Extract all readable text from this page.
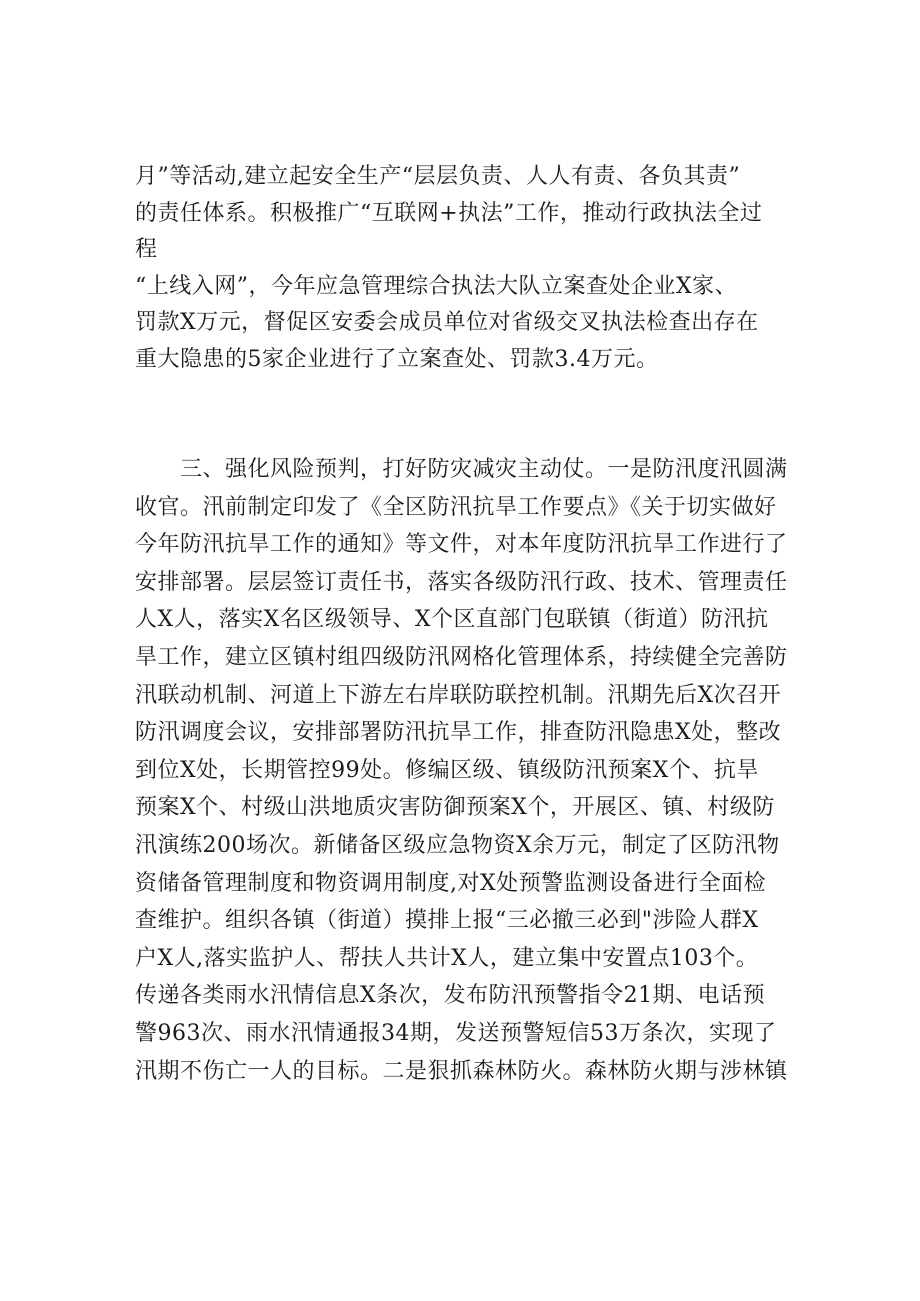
月”等活动,建立起安全生产“层层负责、人人有责、各负其责”
的责任体系。积极推广“互联网+执法”工作，推动行政执法全过
程
“上线入网”，今年应急管理综合执法大队立案查处企业X家、
罚款X万元，督促区安委会成员单位对省级交叉执法检查出存在
重大隐患的5家企业进行了立案查处、罚款3.4万元。
　　三、强化风险预判，打好防灾减灾主动仗。一是防汛度汛圆满
收官。汛前制定印发了《全区防汛抗旱工作要点》《关于切实做好
今年防汛抗旱工作的通知》等文件，对本年度防汛抗旱工作进行了
安排部署。层层签订责任书，落实各级防汛行政、技术、管理责任
人X人，落实X名区级领导、X个区直部门包联镇（街道）防汛抗
旱工作，建立区镇村组四级防汛网格化管理体系，持续健全完善防
汛联动机制、河道上下游左右岸联防联控机制。汛期先后X次召开
防汛调度会议，安排部署防汛抗旱工作，排查防汛隐患X处，整改
到位X处，长期管控99处。修编区级、镇级防汛预案X个、抗旱
预案X个、村级山洪地质灾害防御预案X个，开展区、镇、村级防
汛演练200场次。新储备区级应急物资X余万元，制定了区防汛物
资储备管理制度和物资调用制度,对X处预警监测设备进行全面检
查维护。组织各镇（街道）摸排上报“三必撤三必到"涉险人群X
户X人,落实监护人、帮扶人共计X人，建立集中安置点103个。
传递各类雨水汛情信息X条次，发布防汛预警指令21期、电话预
警963次、雨水汛情通报34期，发送预警短信53万条次，实现了
汛期不伤亡一人的目标。二是狠抓森林防火。森林防火期与涉林镇
